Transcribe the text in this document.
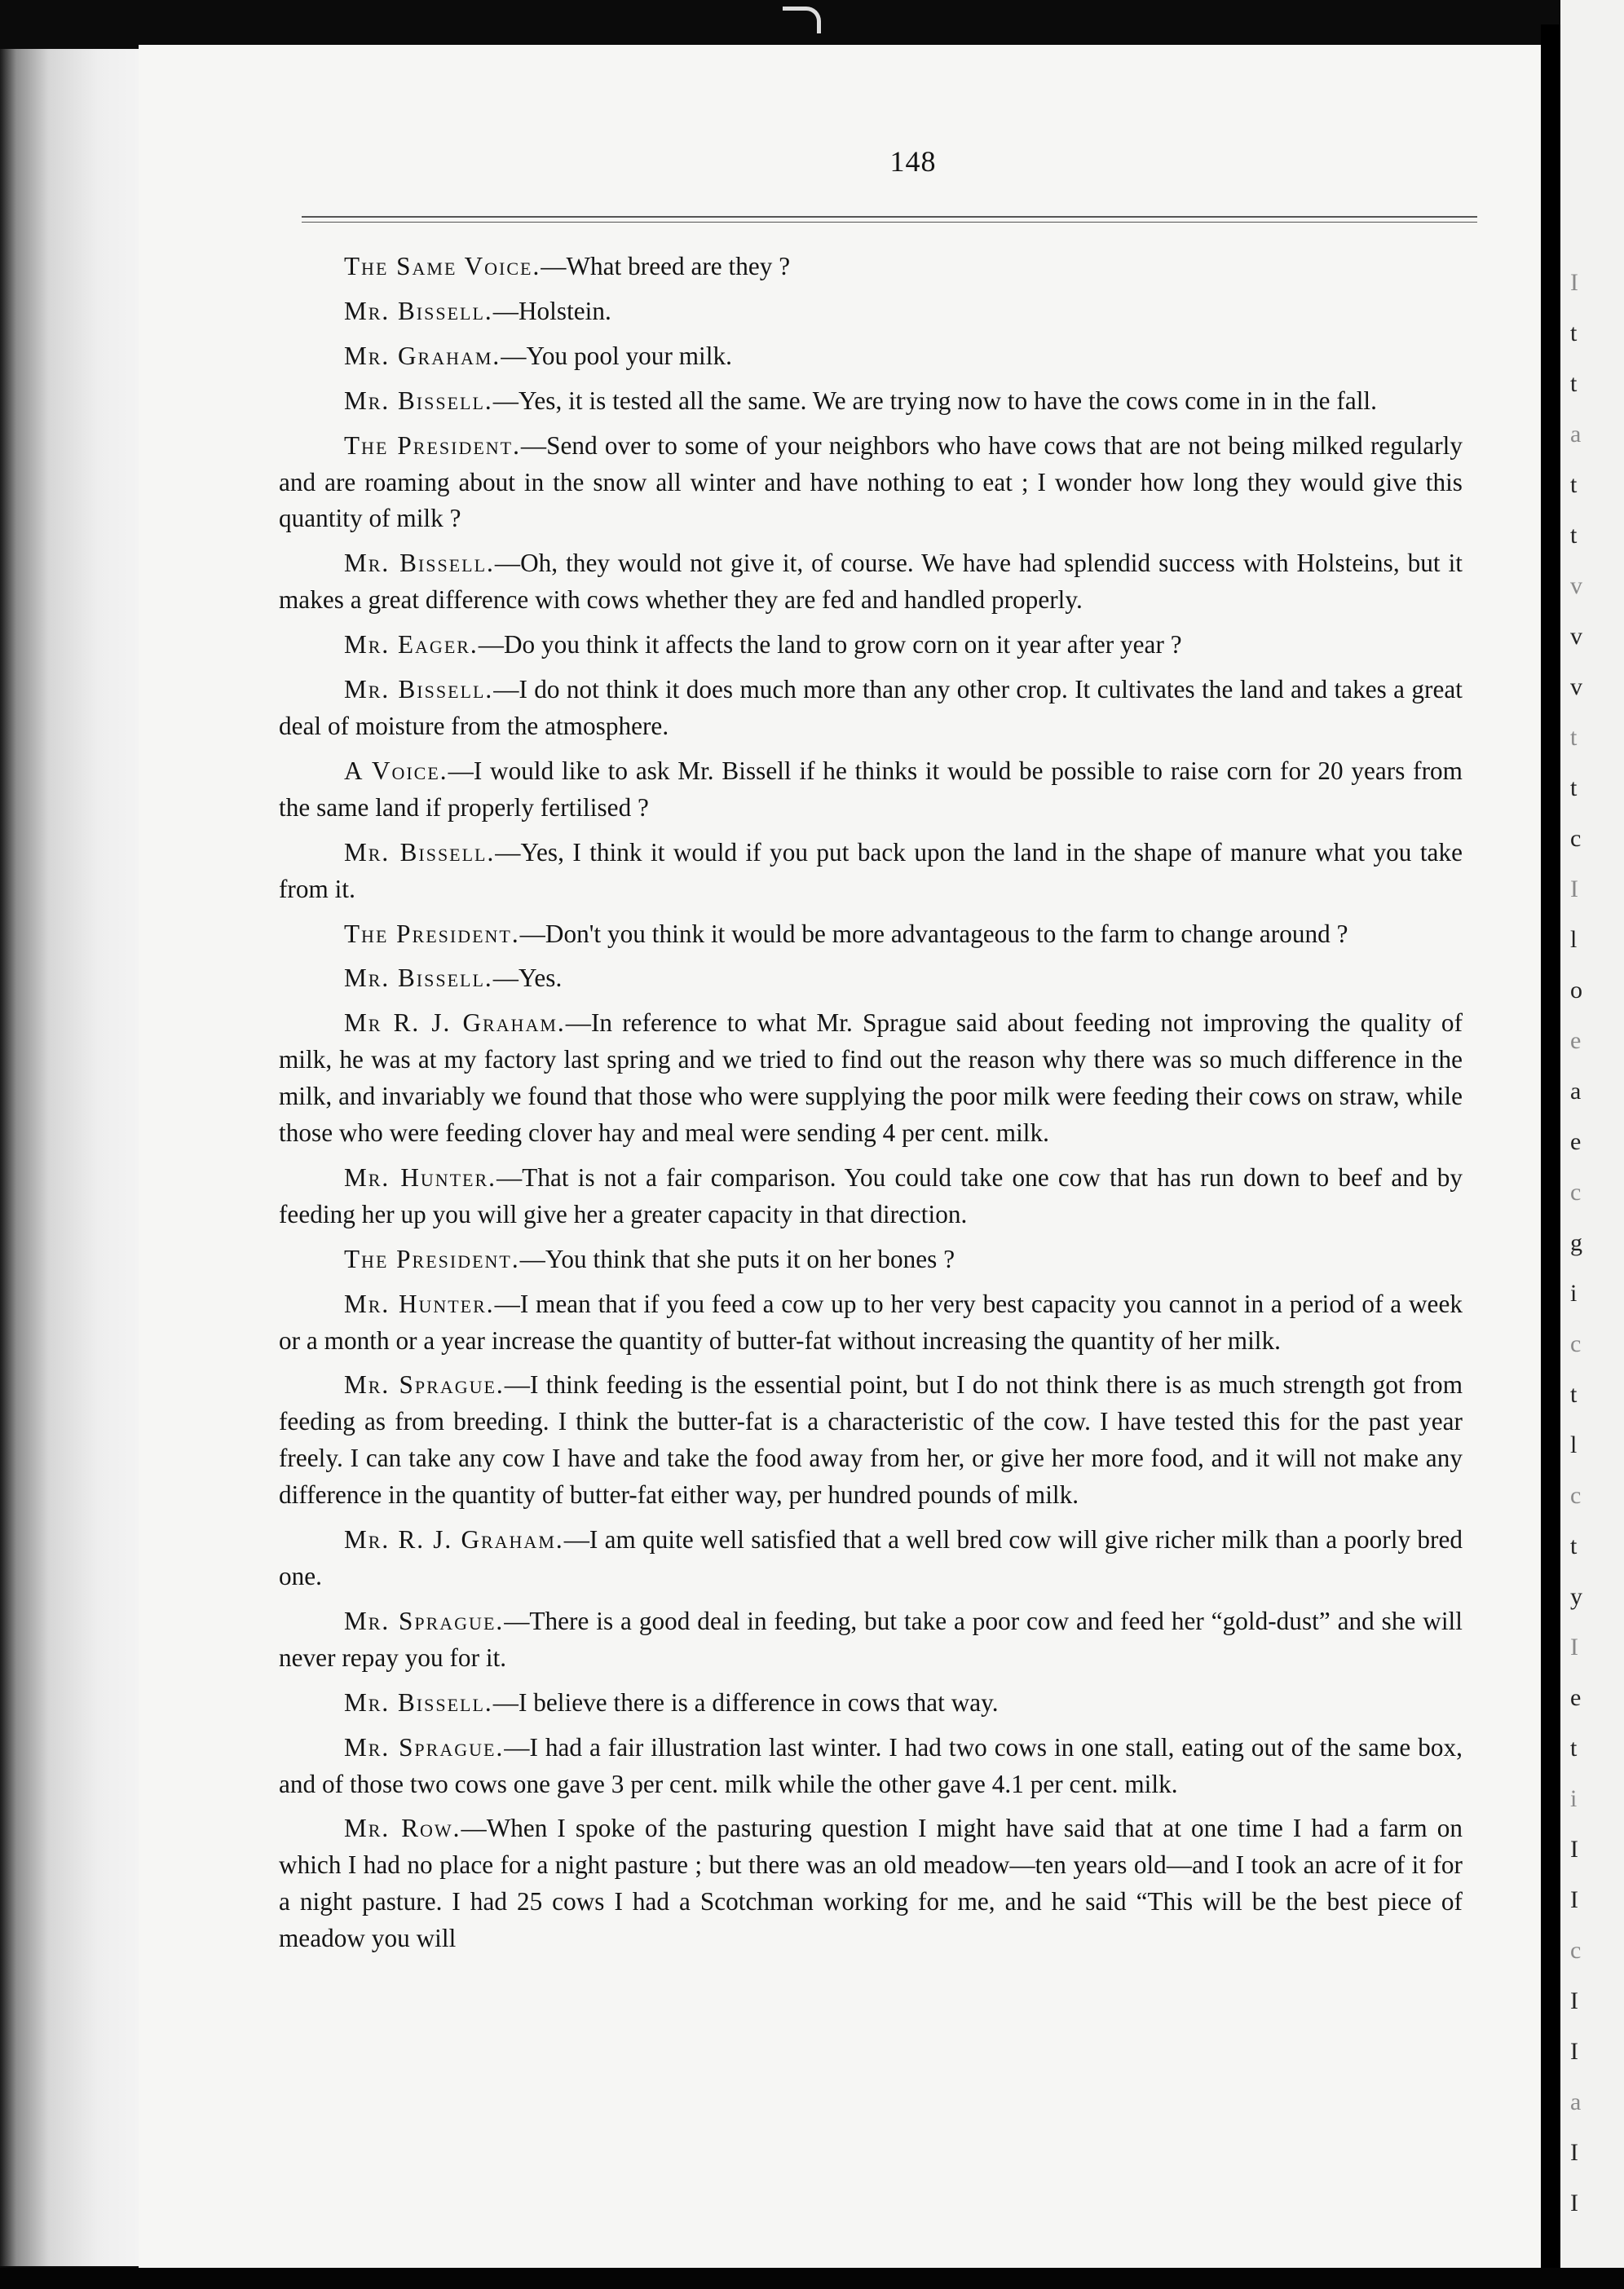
148

The Same Voice.—What breed are they ?

Mr. Bissell.—Holstein.

Mr. Graham.—You pool your milk.

Mr. Bissell.—Yes, it is tested all the same. We are trying now to have the cows come in in the fall.

The President.—Send over to some of your neighbors who have cows that are not being milked regularly and are roaming about in the snow all winter and have nothing to eat ; I wonder how long they would give this quantity of milk ?

Mr. Bissell.—Oh, they would not give it, of course. We have had splendid success with Holsteins, but it makes a great difference with cows whether they are fed and handled properly.

Mr. Eager.—Do you think it affects the land to grow corn on it year after year ?

Mr. Bissell.—I do not think it does much more than any other crop. It cultivates the land and takes a great deal of moisture from the atmosphere.

A Voice.—I would like to ask Mr. Bissell if he thinks it would be possible to raise corn for 20 years from the same land if properly fertilised ?

Mr. Bissell.—Yes, I think it would if you put back upon the land in the shape of manure what you take from it.

The President.—Don't you think it would be more advantageous to the farm to change around ?

Mr. Bissell.—Yes.

Mr R. J. Graham.—In reference to what Mr. Sprague said about feeding not improving the quality of milk, he was at my factory last spring and we tried to find out the reason why there was so much difference in the milk, and invariably we found that those who were supplying the poor milk were feeding their cows on straw, while those who were feeding clover hay and meal were sending 4 per cent. milk.

Mr. Hunter.—That is not a fair comparison. You could take one cow that has run down to beef and by feeding her up you will give her a greater capacity in that direction.

The President.—You think that she puts it on her bones ?

Mr. Hunter.—I mean that if you feed a cow up to her very best capacity you cannot in a period of a week or a month or a year increase the quantity of butter-fat without increasing the quantity of her milk.

Mr. Sprague.—I think feeding is the essential point, but I do not think there is as much strength got from feeding as from breeding. I think the butter-fat is a characteristic of the cow. I have tested this for the past year freely. I can take any cow I have and take the food away from her, or give her more food, and it will not make any difference in the quantity of butter-fat either way, per hundred pounds of milk.

Mr. R. J. Graham.—I am quite well satisfied that a well bred cow will give richer milk than a poorly bred one.

Mr. Sprague.—There is a good deal in feeding, but take a poor cow and feed her “gold-dust” and she will never repay you for it.

Mr. Bissell.—I believe there is a difference in cows that way.

Mr. Sprague.—I had a fair illustration last winter. I had two cows in one stall, eating out of the same box, and of those two cows one gave 3 per cent. milk while the other gave 4.1 per cent. milk.

Mr. Row.—When I spoke of the pasturing question I might have said that at one time I had a farm on which I had no place for a night pasture ; but there was an old meadow—ten years old—and I took an acre of it for a night pasture. I had 25 cows I had a Scotchman working for me, and he said “This will be the best piece of meadow you will

I
t
t
a
t
t
v
v
v
t
t
c
I
l
o
e
a
e
c
g
i
c
t
l
c
t
y
I
e
t
i
I
I
c
I
I
a
I
I
